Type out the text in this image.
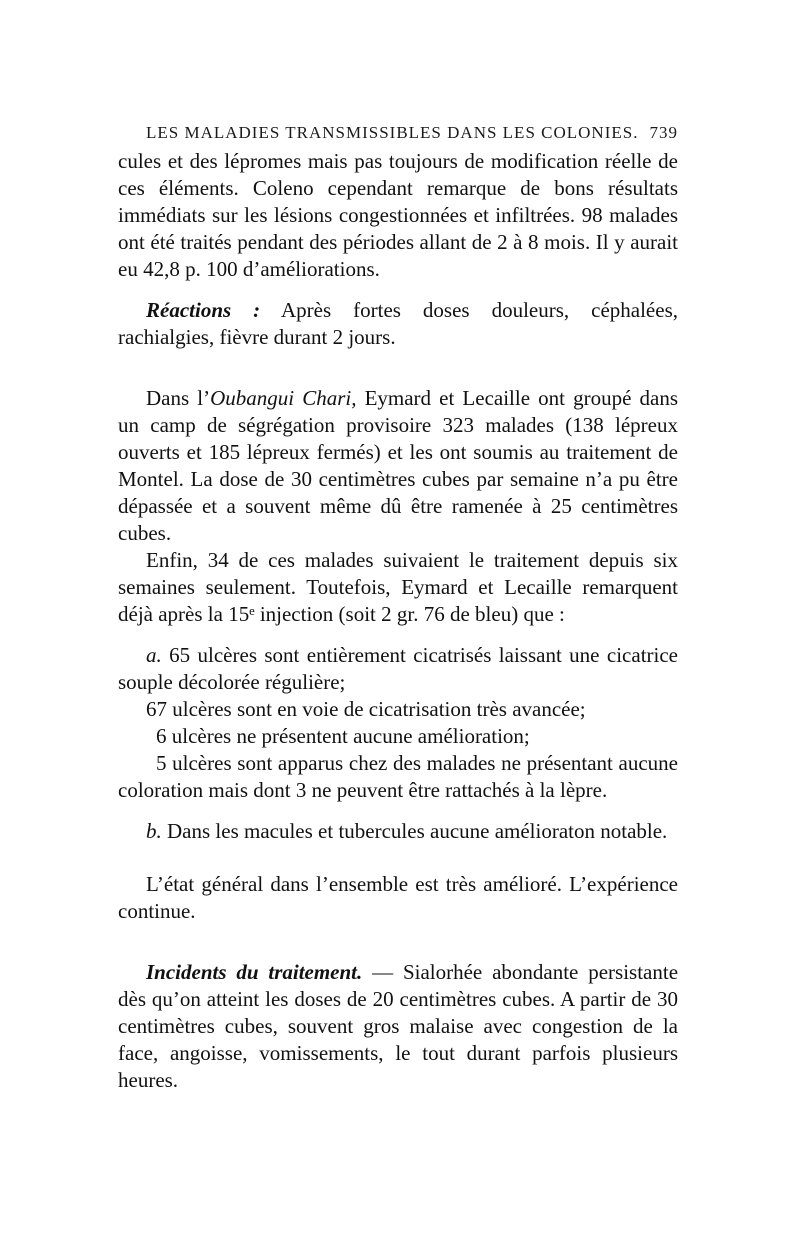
LES MALADIES TRANSMISSIBLES DANS LES COLONIES. 739

cules et des lépromes mais pas toujours de modification réelle de ces éléments. Coleno cependant remarque de bons résultats immédiats sur les lésions congestionnées et infiltrées. 98 malades ont été traités pendant des périodes allant de 2 à 8 mois. Il y aurait eu 42,8 p. 100 d’améliorations.

Réactions : Après fortes doses douleurs, céphalées, rachialgies, fièvre durant 2 jours.

Dans l’Oubangui Chari, Eymard et Lecaille ont groupé dans un camp de ségrégation provisoire 323 malades (138 lépreux ouverts et 185 lépreux fermés) et les ont soumis au traitement de Montel. La dose de 30 centimètres cubes par semaine n’a pu être dépassée et a souvent même dû être ramenée à 25 centimètres cubes.

Enfin, 34 de ces malades suivaient le traitement depuis six semaines seulement. Toutefois, Eymard et Lecaille remarquent déjà après la 15ᵉ injection (soit 2 gr. 76 de bleu) que :

a. 65 ulcères sont entièrement cicatrisés laissant une cicatrice souple décolorée régulière;

67 ulcères sont en voie de cicatrisation très avancée;

6 ulcères ne présentent aucune amélioration;

5 ulcères sont apparus chez des malades ne présentant aucune coloration mais dont 3 ne peuvent être rattachés à la lèpre.

b. Dans les macules et tubercules aucune amélioraton notable.

L’état général dans l’ensemble est très amélioré. L’expérience continue.

Incidents du traitement. — Sialorhée abondante persistante dès qu’on atteint les doses de 20 centimètres cubes. A partir de 30 centimètres cubes, souvent gros malaise avec congestion de la face, angoisse, vomissements, le tout durant parfois plusieurs heures.
